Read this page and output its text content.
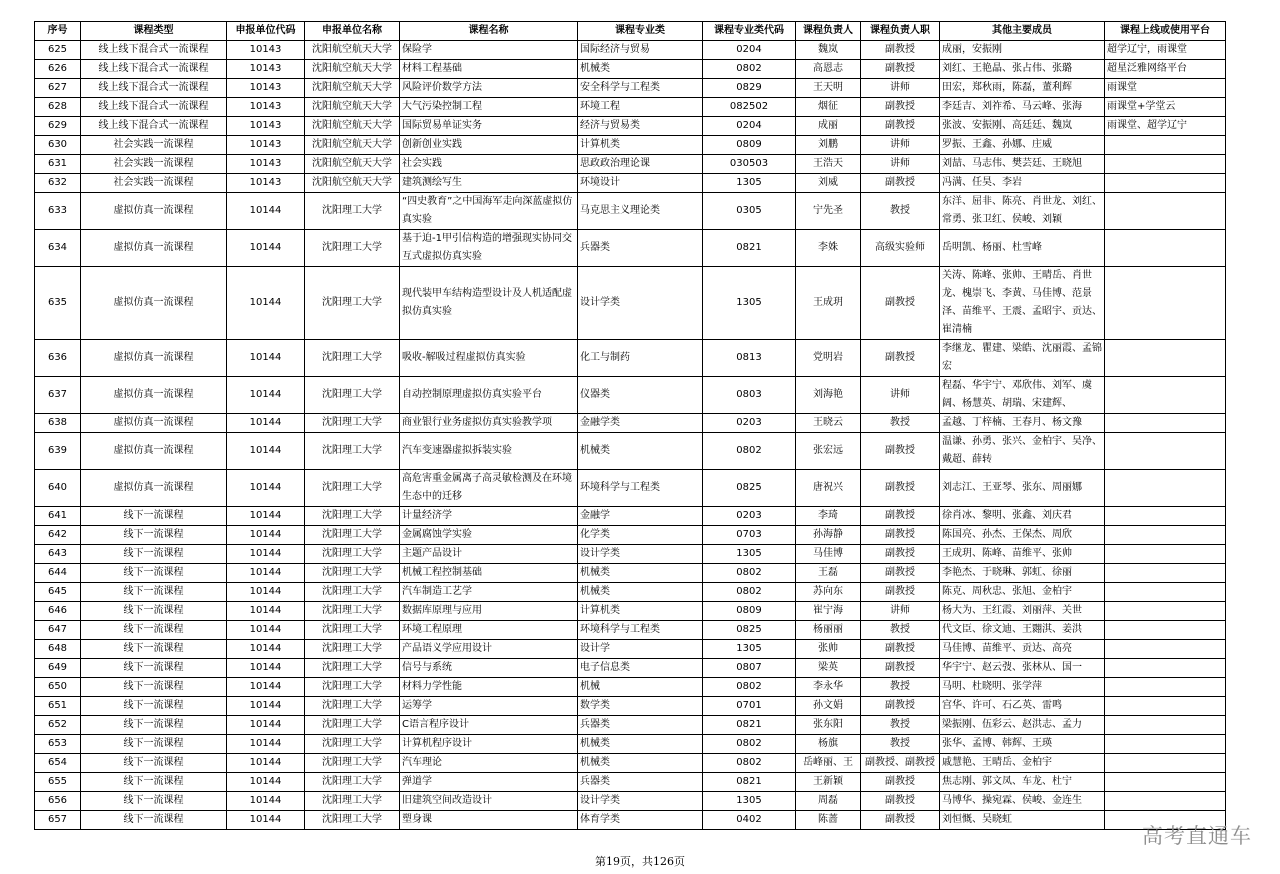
序号	课程类型	申报单位代码	申报单位名称	课程名称	课程专业类	课程专业类代码	课程负责人	课程负责人职	其他主要成员	课程上线或使用平台
625	线上线下混合式一流课程	10143	沈阳航空航天大学	保险学	国际经济与贸易	0204	魏岚	副教授	成丽，安振刚	超学辽宁，雨课堂
626	线上线下混合式一流课程	10143	沈阳航空航天大学	材料工程基础	机械类	0802	高恩志	副教授	刘红、王艳晶、张占伟、张璐	超星泛雅网络平台
627	线上线下混合式一流课程	10143	沈阳航空航天大学	风险评价数学方法	安全科学与工程类	0829	王天明	讲师	田宏，郑秋雨，陈磊，董利辉	雨课堂
628	线上线下混合式一流课程	10143	沈阳航空航天大学	大气污染控制工程	环境工程	082502	烟征	副教授	李廷吉、刘祚希、马云峰、张海	雨课堂+学堂云
629	线上线下混合式一流课程	10143	沈阳航空航天大学	国际贸易单证实务	经济与贸易类	0204	成丽	副教授	张波、安振刚、高廷廷、魏岚	雨课堂、超学辽宁
630	社会实践一流课程	10143	沈阳航空航天大学	创新创业实践	计算机类	0809	刘鹏	讲师	罗振、王鑫、孙娜、庄威	
631	社会实践一流课程	10143	沈阳航空航天大学	社会实践	思政政治理论课	030503	王浩天	讲师	刘喆、马志伟、樊芸廷、王晓旭	
632	社会实践一流课程	10143	沈阳航空航天大学	建筑测绘写生	环境设计	1305	刘威	副教授	冯满、任昊、李岩	
633	虚拟仿真一流课程	10144	沈阳理工大学	“四史教育”之中国海军走向深蓝虚拟仿真实验	马克思主义理论类	0305	宁先圣	教授	东洋、屈非、陈亮、肖世龙、刘红、常勇、张卫红、侯峻、刘颖	
634	虚拟仿真一流课程	10144	沈阳理工大学	基于迫-1甲引信构造的增强现实协同交互式虚拟仿真实验	兵器类	0821	李姝	高级实验师	岳明凯、杨丽、杜雪峰	
635	虚拟仿真一流课程	10144	沈阳理工大学	现代装甲车结构造型设计及人机适配虚拟仿真实验	设计学类	1305	王成玥	副教授	关涛、陈峰、张帅、王晴岳、肖世龙、槐崇飞、李黄、马佳博、范景泽、苗维平、王震、孟昭宇、贡达、崔清楠	
636	虚拟仿真一流课程	10144	沈阳理工大学	吸收-解吸过程虚拟仿真实验	化工与制药	0813	党明岩	副教授	李继龙、瞿建、梁皓、沈丽霞、孟锦宏	
637	虚拟仿真一流课程	10144	沈阳理工大学	自动控制原理虚拟仿真实验平台	仪器类	0803	刘海艳	讲师	程磊、华宇宁、邓欣伟、刘军、虞阔、杨慧英、胡瑞、宋建辉、	
638	虚拟仿真一流课程	10144	沈阳理工大学	商业银行业务虚拟仿真实验教学项	金融学类	0203	王晓云	教授	孟越、丁梓楠、王春月、杨文豫	
639	虚拟仿真一流课程	10144	沈阳理工大学	汽车变速器虚拟拆装实验	机械类	0802	张宏远	副教授	温谦、孙勇、张兴、金柏宇、吴净、戴超、薛转	
640	虚拟仿真一流课程	10144	沈阳理工大学	高危害重金属离子高灵敏检测及在环境生态中的迁移	环境科学与工程类	0825	唐祝兴	副教授	刘志江、王亚琴、张东、周丽娜	
641	线下一流课程	10144	沈阳理工大学	计量经济学	金融学	0203	李琦	副教授	徐肖冰、黎明、张鑫、刘庆君	
642	线下一流课程	10144	沈阳理工大学	金属腐蚀学实验	化学类	0703	孙海静	副教授	陈国亮、孙杰、王保杰、周欣	
643	线下一流课程	10144	沈阳理工大学	主题产品设计	设计学类	1305	马佳博	副教授	王成玥、陈峰、苗维平、张帅	
644	线下一流课程	10144	沈阳理工大学	机械工程控制基础	机械类	0802	王磊	副教授	李艳杰、于晓琳、郭虹、徐丽	
645	线下一流课程	10144	沈阳理工大学	汽车制造工艺学	机械类	0802	苏向东	副教授	陈克、周秋忠、张旭、金柏宇	
646	线下一流课程	10144	沈阳理工大学	数据库原理与应用	计算机类	0809	崔宁海	讲师	杨大为、王红霞、刘丽萍、关世	
647	线下一流课程	10144	沈阳理工大学	环境工程原理	环境科学与工程类	0825	杨丽丽	教授	代文臣、徐文迪、王翾淇、姜洪	
648	线下一流课程	10144	沈阳理工大学	产品语义学应用设计	设计学	1305	张帅	副教授	马佳博、苗维平、贡达、高亮	
649	线下一流课程	10144	沈阳理工大学	信号与系统	电子信息类	0807	梁英	副教授	华宇宁、赵云弢、张林从、国一	
650	线下一流课程	10144	沈阳理工大学	材料力学性能	机械	0802	李永华	教授	马明、杜晓明、张学萍	
651	线下一流课程	10144	沈阳理工大学	运筹学	数学类	0701	孙文娟	副教授	宫华、许可、石乙英、雷鸣	
652	线下一流课程	10144	沈阳理工大学	C语言程序设计	兵器类	0821	张东阳	教授	梁振刚、伍彩云、赵洪志、孟力	
653	线下一流课程	10144	沈阳理工大学	计算机程序设计	机械类	0802	杨旗	教授	张华、孟博、韩辉、王瑛	
654	线下一流课程	10144	沈阳理工大学	汽车理论	机械类	0802	岳峰丽、王	副教授、副教授	戚慧艳、王晴岳、金柏宇	
655	线下一流课程	10144	沈阳理工大学	弹道学	兵器类	0821	王新颖	副教授	焦志刚、郭文凤、车龙、杜宁	
656	线下一流课程	10144	沈阳理工大学	旧建筑空间改造设计	设计学类	1305	周磊	副教授	马博华、操宛霖、侯峻、金连生	
657	线下一流课程	10144	沈阳理工大学	塑身课	体育学类	0402	陈蔷	副教授	刘恒慨、吴晓虹	
第19页，共126页
高考直通车
